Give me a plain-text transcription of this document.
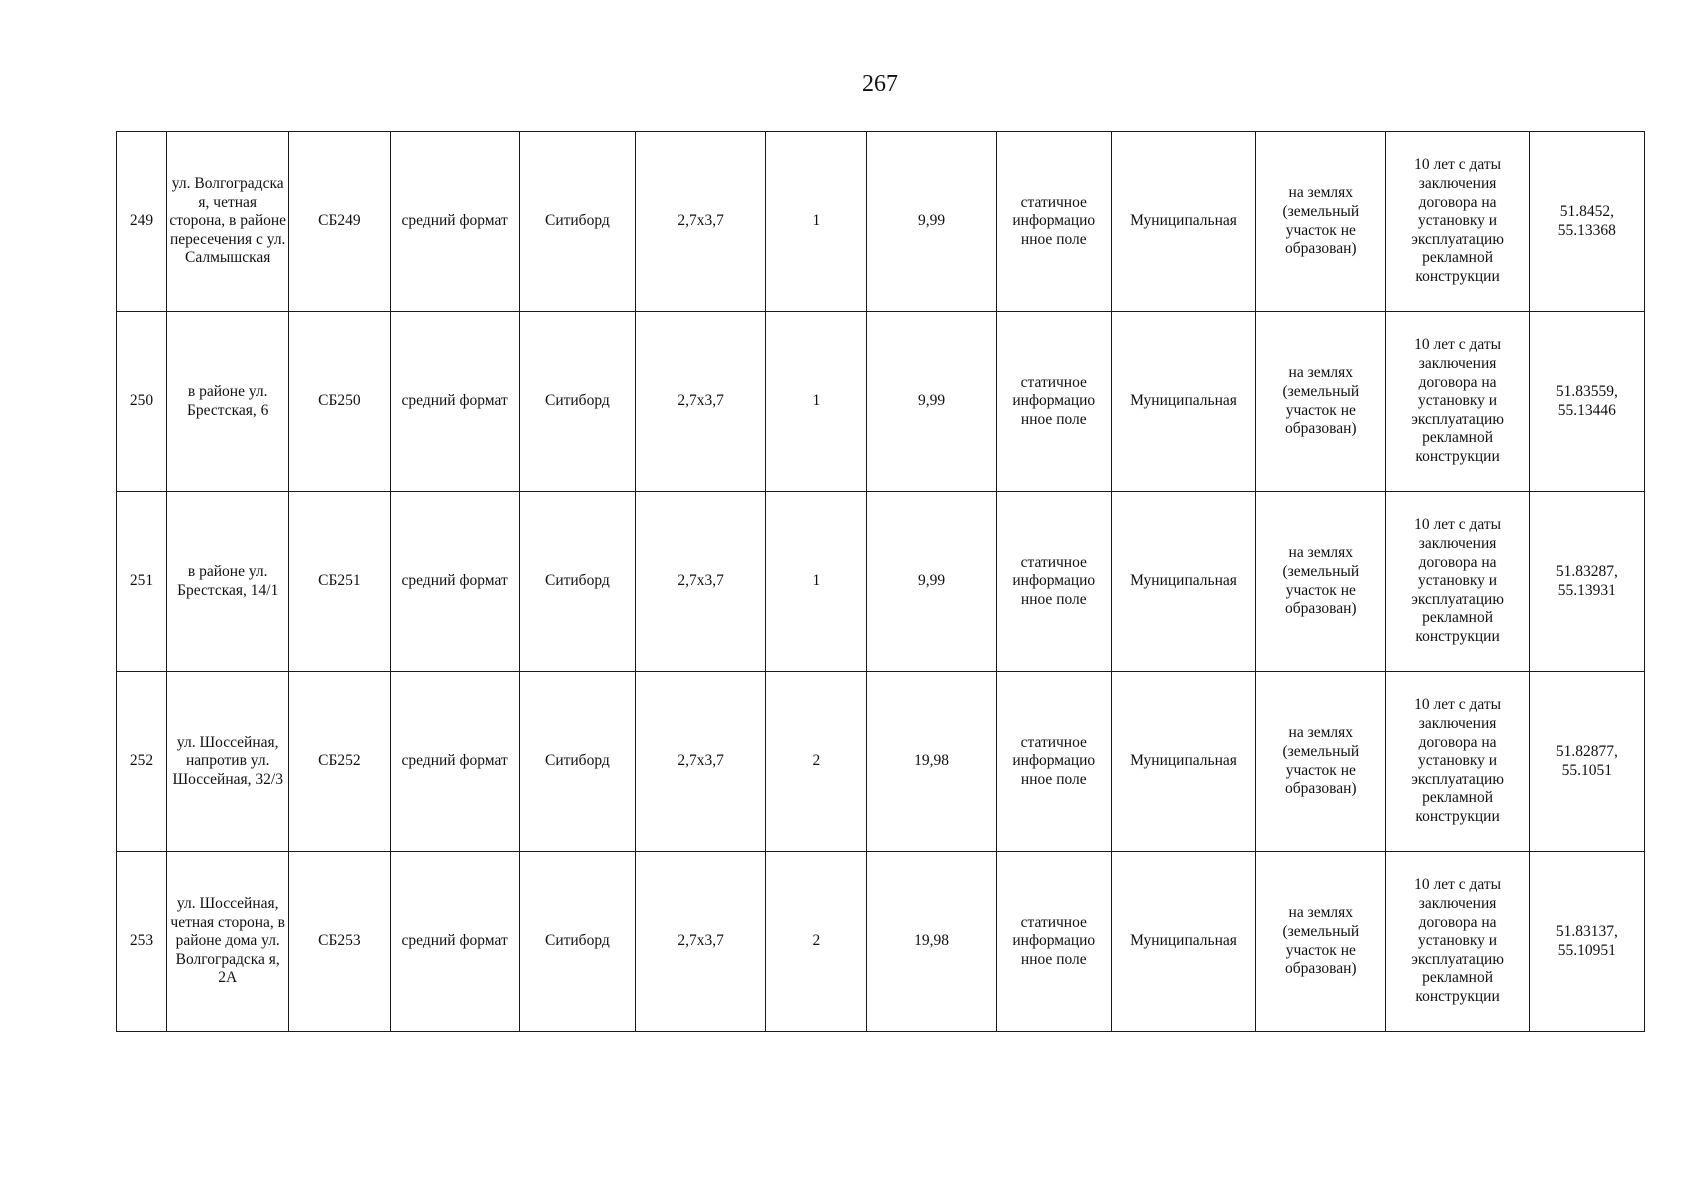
267
249	ул. Волгоградска я, четная сторона, в районе пересечения с ул. Салмышская	СБ249	средний формат	Ситиборд	2,7х3,7	1	9,99	статичное информацио нное поле	Муниципальная	на землях (земельный участок не образован)	10 лет с даты заключения договора на установку и эксплуатацию рекламной конструкции	51.8452, 55.13368
250	в районе ул. Брестская, 6	СБ250	средний формат	Ситиборд	2,7х3,7	1	9,99	статичное информацио нное поле	Муниципальная	на землях (земельный участок не образован)	10 лет с даты заключения договора на установку и эксплуатацию рекламной конструкции	51.83559, 55.13446
251	в районе ул. Брестская, 14/1	СБ251	средний формат	Ситиборд	2,7х3,7	1	9,99	статичное информацио нное поле	Муниципальная	на землях (земельный участок не образован)	10 лет с даты заключения договора на установку и эксплуатацию рекламной конструкции	51.83287, 55.13931
252	ул. Шоссейная, напротив ул. Шоссейная, 32/3	СБ252	средний формат	Ситиборд	2,7х3,7	2	19,98	статичное информацио нное поле	Муниципальная	на землях (земельный участок не образован)	10 лет с даты заключения договора на установку и эксплуатацию рекламной конструкции	51.82877, 55.1051
253	ул. Шоссейная, четная сторона, в районе дома ул. Волгоградска я, 2А	СБ253	средний формат	Ситиборд	2,7х3,7	2	19,98	статичное информацио нное поле	Муниципальная	на землях (земельный участок не образован)	10 лет с даты заключения договора на установку и эксплуатацию рекламной конструкции	51.83137, 55.10951
